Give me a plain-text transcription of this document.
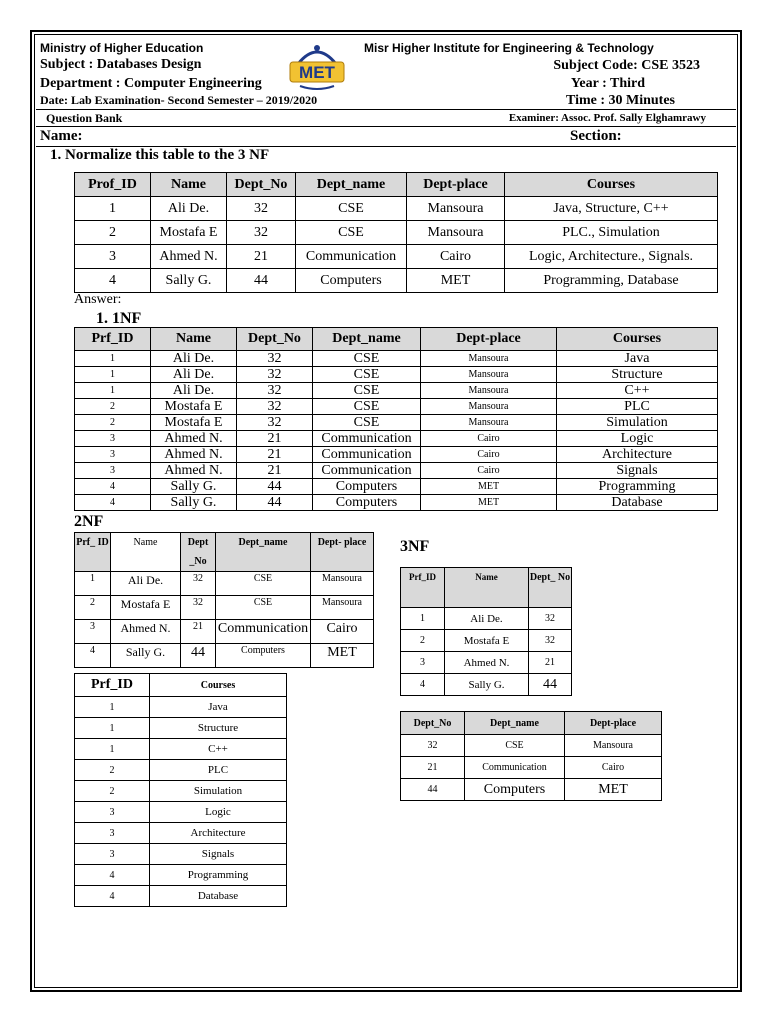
Ministry of Higher Education	Misr Higher Institute for Engineering & Technology
Subject : Databases Design	Subject Code: CSE 3523
Department : Computer Engineering	Year : Third
Date: Lab Examination- Second Semester – 2019/2020	Time : 30 Minutes
MET
Question Bank	Examiner: Assoc. Prof. Sally Elghamrawy
Name:	Section:
1. Normalize this table to the 3 NF
Prof_ID	Name	Dept_No	Dept_name	Dept-place	Courses
1	Ali De.	32	CSE	Mansoura	Java, Structure, C++
2	Mostafa E	32	CSE	Mansoura	PLC., Simulation
3	Ahmed N.	21	Communication	Cairo	Logic, Architecture., Signals.
4	Sally G.	44	Computers	MET	Programming, Database
Answer:
1. 1NF
Prf_ID	Name	Dept_No	Dept_name	Dept-place	Courses
1	Ali De.	32	CSE	Mansoura	Java
1	Ali De.	32	CSE	Mansoura	Structure
1	Ali De.	32	CSE	Mansoura	C++
2	Mostafa E	32	CSE	Mansoura	PLC
2	Mostafa E	32	CSE	Mansoura	Simulation
3	Ahmed N.	21	Communication	Cairo	Logic
3	Ahmed N.	21	Communication	Cairo	Architecture
3	Ahmed N.	21	Communication	Cairo	Signals
4	Sally G.	44	Computers	MET	Programming
4	Sally G.	44	Computers	MET	Database
2NF
Prf_ ID	Name	Dept _No	Dept_name	Dept- place
1	Ali De.	32	CSE	Mansoura
2	Mostafa E	32	CSE	Mansoura
3	Ahmed N.	21	Communication	Cairo
4	Sally G.	44	Computers	MET
Prf_ID	Courses
1	Java
1	Structure
1	C++
2	PLC
2	Simulation
3	Logic
3	Architecture
3	Signals
4	Programming
4	Database
3NF
Prf_ID	Name	Dept_ No
1	Ali De.	32
2	Mostafa E	32
3	Ahmed N.	21
4	Sally G.	44
Dept_No	Dept_name	Dept-place
32	CSE	Mansoura
21	Communication	Cairo
44	Computers	MET
